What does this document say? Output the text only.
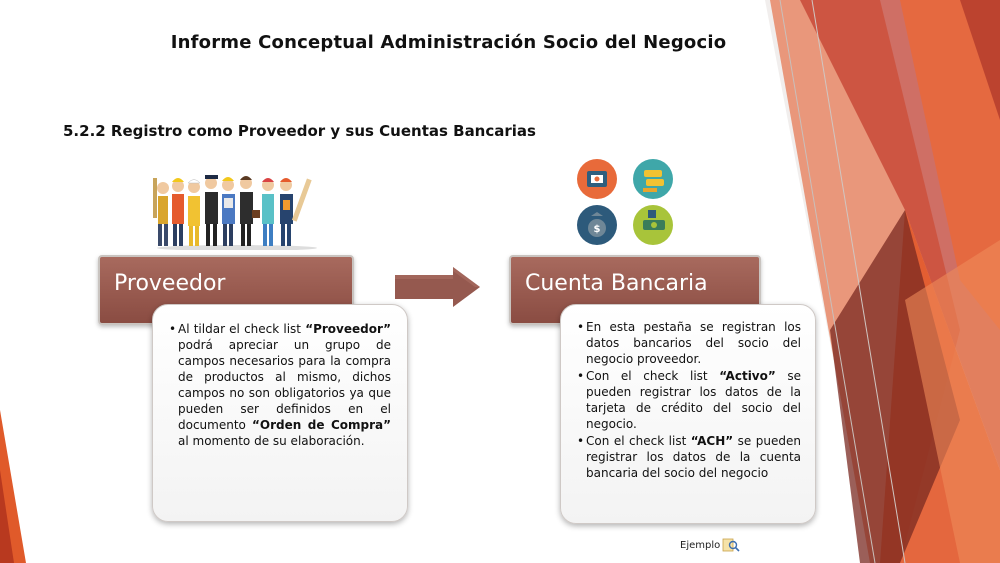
Informe Conceptual Administración Socio del Negocio
5.2.2 Registro como Proveedor y sus Cuentas Bancarias
$
Proveedor	Cuenta Bancaria
• Al tildar el check list “Proveedor” podrá apreciar un grupo de campos necesarios para la compra de productos al mismo, dichos campos no son obligatorios ya que pueden ser definidos en el documento “Orden de Compra” al momento de su elaboración.
• En esta pestaña se registran los datos bancarios del socio del negocio proveedor.
• Con el check list “Activo” se pueden registrar los datos de la tarjeta de crédito del socio del negocio.
• Con el check list “ACH” se pueden registrar los datos de la cuenta bancaria del socio del negocio
Ejemplo
